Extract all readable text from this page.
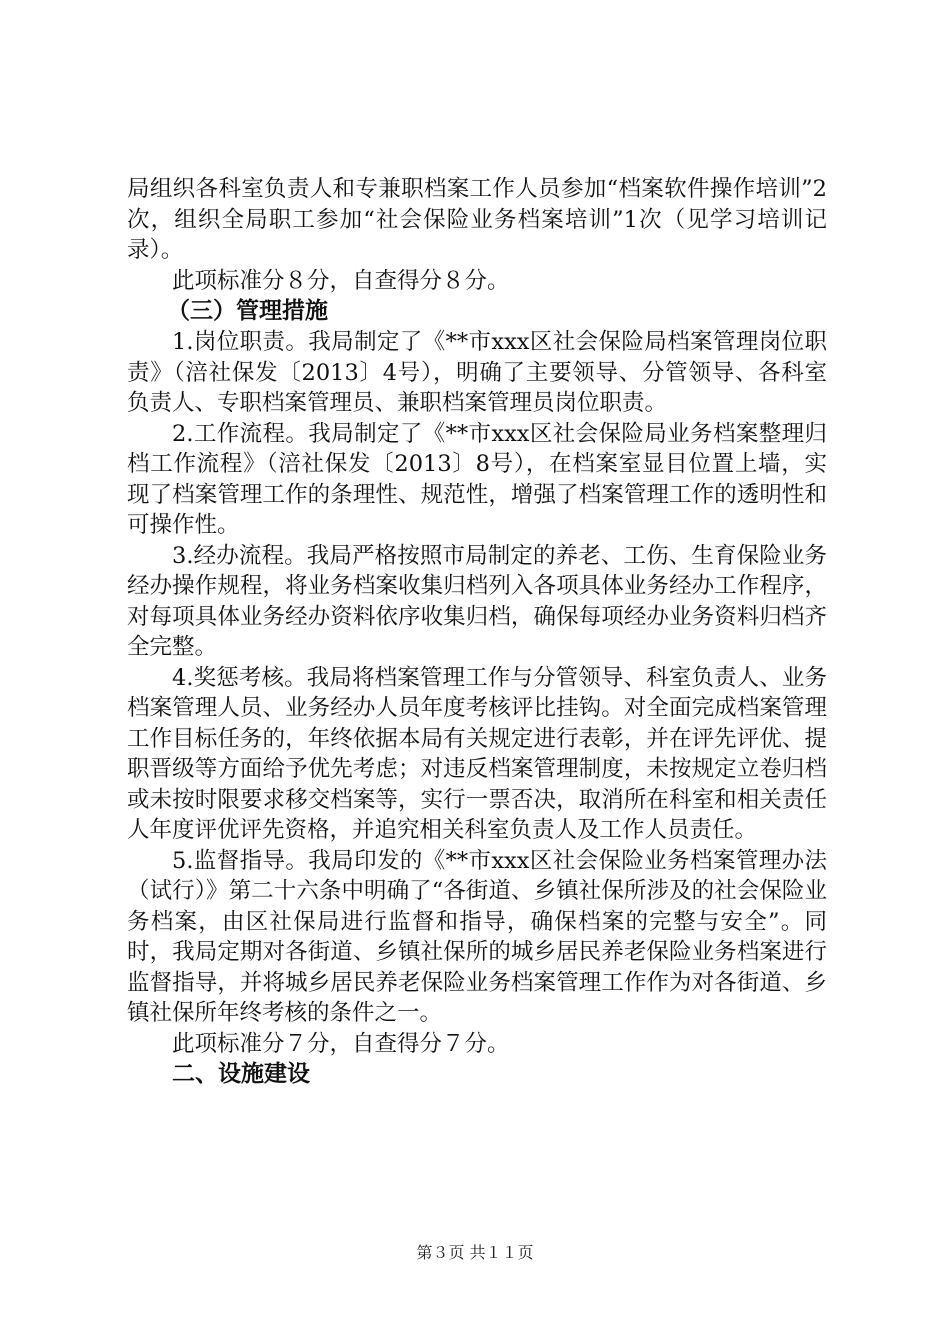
局组织各科室负责人和专兼职档案工作人员参加“档案软件操作培训”2次，组织全局职工参加“社会保险业务档案培训”1次（见学习培训记录）。

此项标准分８分，自查得分８分。

（三）管理措施

1.岗位职责。我局制定了《**市xxx区社会保险局档案管理岗位职责》（涪社保发〔2013〕4号），明确了主要领导、分管领导、各科室负责人、专职档案管理员、兼职档案管理员岗位职责。

2.工作流程。我局制定了《**市xxx区社会保险局业务档案整理归档工作流程》（涪社保发〔2013〕8号），在档案室显目位置上墙，实现了档案管理工作的条理性、规范性，增强了档案管理工作的透明性和可操作性。

3.经办流程。我局严格按照市局制定的养老、工伤、生育保险业务经办操作规程，将业务档案收集归档列入各项具体业务经办工作程序，对每项具体业务经办资料依序收集归档，确保每项经办业务资料归档齐全完整。

4.奖惩考核。我局将档案管理工作与分管领导、科室负责人、业务档案管理人员、业务经办人员年度考核评比挂钩。对全面完成档案管理工作目标任务的，年终依据本局有关规定进行表彰，并在评先评优、提职晋级等方面给予优先考虑；对违反档案管理制度，未按规定立卷归档或未按时限要求移交档案等，实行一票否决，取消所在科室和相关责任人年度评优评先资格，并追究相关科室负责人及工作人员责任。

5.监督指导。我局印发的《**市xxx区社会保险业务档案管理办法（试行）》第二十六条中明确了“各街道、乡镇社保所涉及的社会保险业务档案，由区社保局进行监督和指导，确保档案的完整与安全”。同时，我局定期对各街道、乡镇社保所的城乡居民养老保险业务档案进行监督指导，并将城乡居民养老保险业务档案管理工作作为对各街道、乡镇社保所年终考核的条件之一。

此项标准分７分，自查得分７分。

二、设施建设

第３页 共１１页
